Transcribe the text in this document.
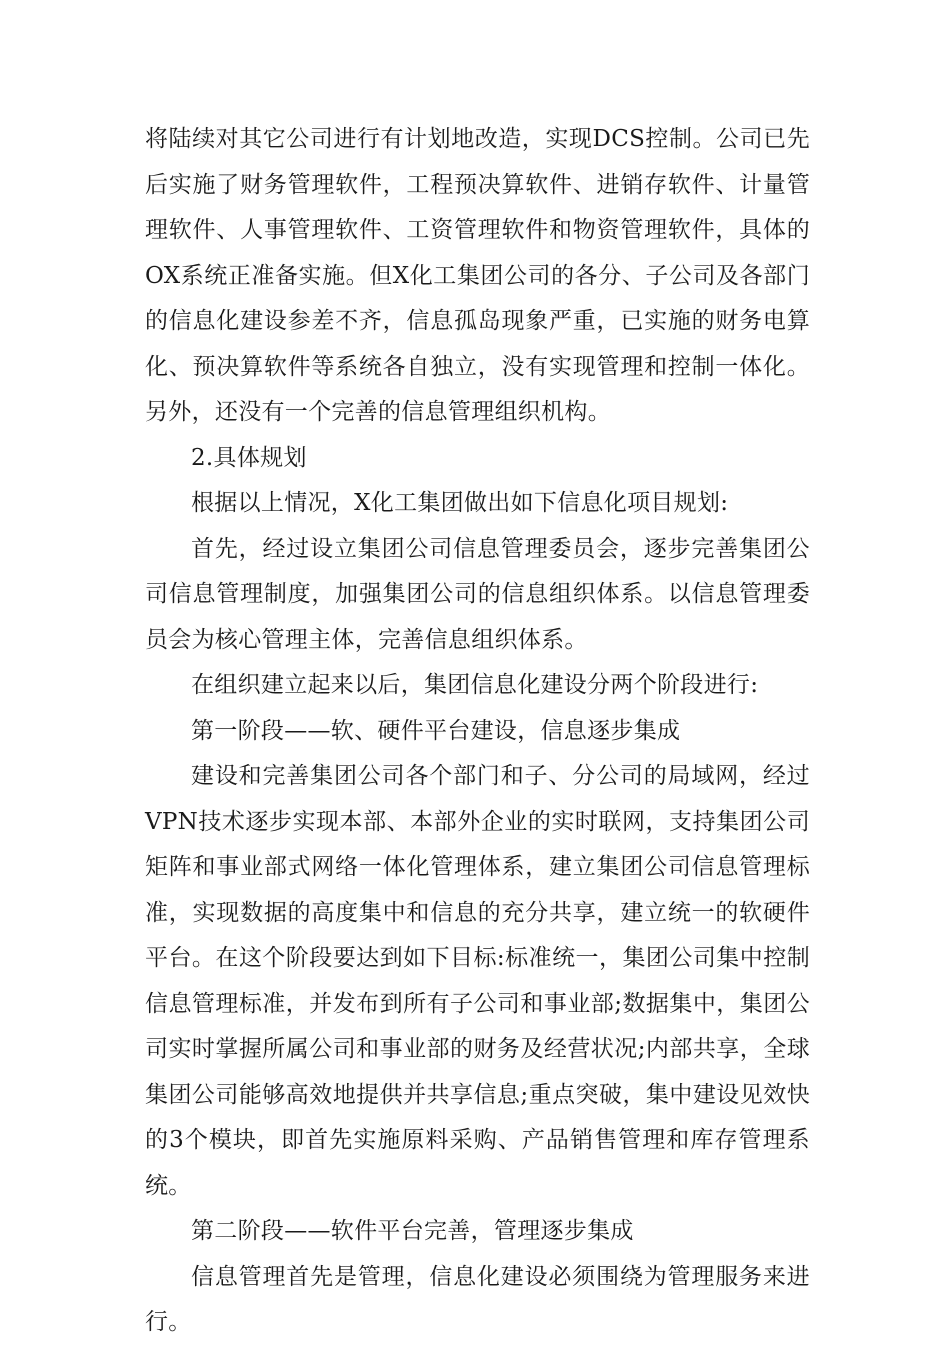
将陆续对其它公司进行有计划地改造，实现DCS控制。公司已先后实施了财务管理软件，工程预决算软件、进销存软件、计量管理软件、人事管理软件、工资管理软件和物资管理软件，具体的OX系统正准备实施。但X化工集团公司的各分、子公司及各部门的信息化建设参差不齐，信息孤岛现象严重，已实施的财务电算化、预决算软件等系统各自独立，没有实现管理和控制一体化。另外，还没有一个完善的信息管理组织机构。

2.具体规划

根据以上情况，X化工集团做出如下信息化项目规划:

首先，经过设立集团公司信息管理委员会，逐步完善集团公司信息管理制度，加强集团公司的信息组织体系。以信息管理委员会为核心管理主体，完善信息组织体系。

在组织建立起来以后，集团信息化建设分两个阶段进行:

第一阶段——软、硬件平台建设，信息逐步集成

建设和完善集团公司各个部门和子、分公司的局域网，经过VPN技术逐步实现本部、本部外企业的实时联网，支持集团公司矩阵和事业部式网络一体化管理体系，建立集团公司信息管理标准，实现数据的高度集中和信息的充分共享，建立统一的软硬件平台。在这个阶段要达到如下目标:标准统一，集团公司集中控制信息管理标准，并发布到所有子公司和事业部;数据集中，集团公司实时掌握所属公司和事业部的财务及经营状况;内部共享，全球集团公司能够高效地提供并共享信息;重点突破，集中建设见效快的3个模块，即首先实施原料采购、产品销售管理和库存管理系统。

第二阶段——软件平台完善，管理逐步集成

信息管理首先是管理，信息化建设必须围绕为管理服务来进行。
